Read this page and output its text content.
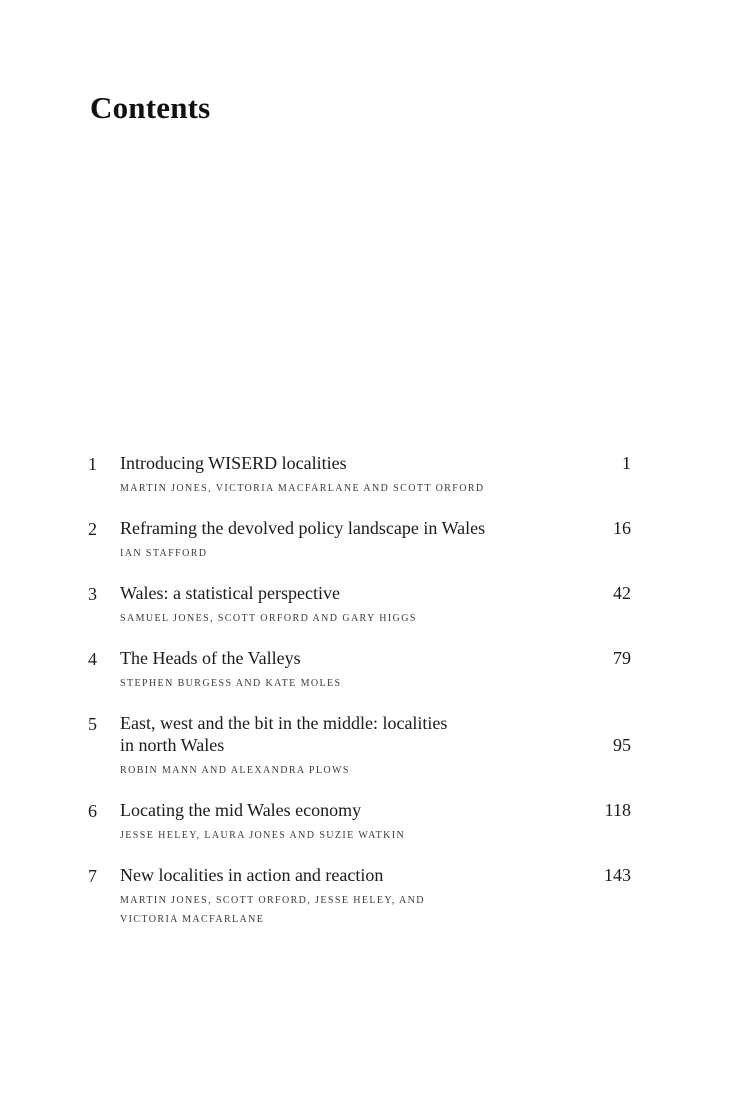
Contents
1 Introducing WISERD localities	1
MARTIN JONES, VICTORIA MACFARLANE AND SCOTT ORFORD
2 Reframing the devolved policy landscape in Wales	16
IAN STAFFORD
3 Wales: a statistical perspective	42
SAMUEL JONES, SCOTT ORFORD AND GARY HIGGS
4 The Heads of the Valleys	79
STEPHEN BURGESS AND KATE MOLES
5 East, west and the bit in the middle: localities in north Wales	95
ROBIN MANN AND ALEXANDRA PLOWS
6 Locating the mid Wales economy	118
JESSE HELEY, LAURA JONES AND SUZIE WATKIN
7 New localities in action and reaction	143
MARTIN JONES, SCOTT ORFORD, JESSE HELEY, AND VICTORIA MACFARLANE
